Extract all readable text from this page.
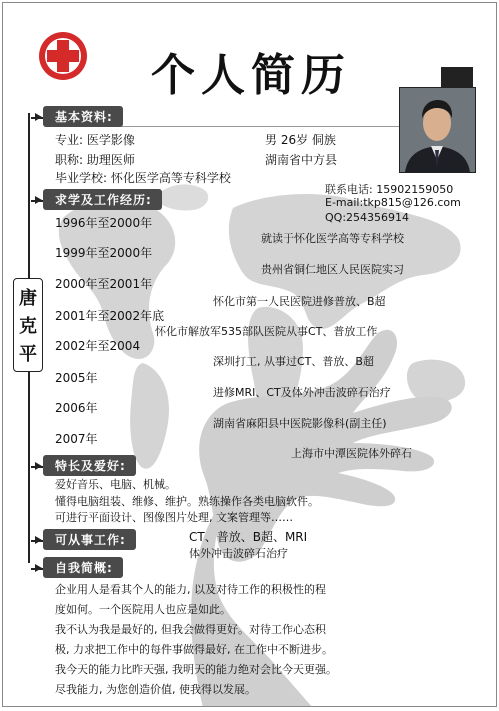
个人简历
唐
克
平
基本资料:
专业: 医学影像	男 26岁 侗族
职称: 助理医师	湖南省中方县
毕业学校: 怀化医学高等专科学校
联系电话: 15902159050
E-mail:tkp815@126.com
QQ:254356914
求学及工作经历:
1996年至2000年
就读于怀化医学高等专科学校
1999年至2000年
贵州省铜仁地区人民医院实习
2000年至2001年
怀化市第一人民医院进修普放、B超
2001年至2002年底
怀化市解放军535部队医院从事CT、普放工作
2002年至2004
深圳打工, 从事过CT、普放、B超
2005年
进修MRI、CT及体外冲击波碎石治疗
2006年
湖南省麻阳县中医院影像科(副主任)
2007年
上海市中潭医院体外碎石
特长及爱好:
爱好音乐、电脑、机械。
懂得电脑组装、维修、维护。熟练操作各类电脑软件。
可进行平面设计、图像图片处理, 文案管理等……
可从事工作:	CT、普放、B超、MRI
体外冲击波碎石治疗
自我简概:
企业用人是看其个人的能力, 以及对待工作的积极性的程
度如何。一个医院用人也应是如此。
我不认为我是最好的, 但我会做得更好。对待工作心态积
极, 力求把工作中的每件事做得最好, 在工作中不断进步。
我今天的能力比昨天强, 我明天的能力绝对会比今天更强。
尽我能力, 为您创造价值, 使我得以发展。
